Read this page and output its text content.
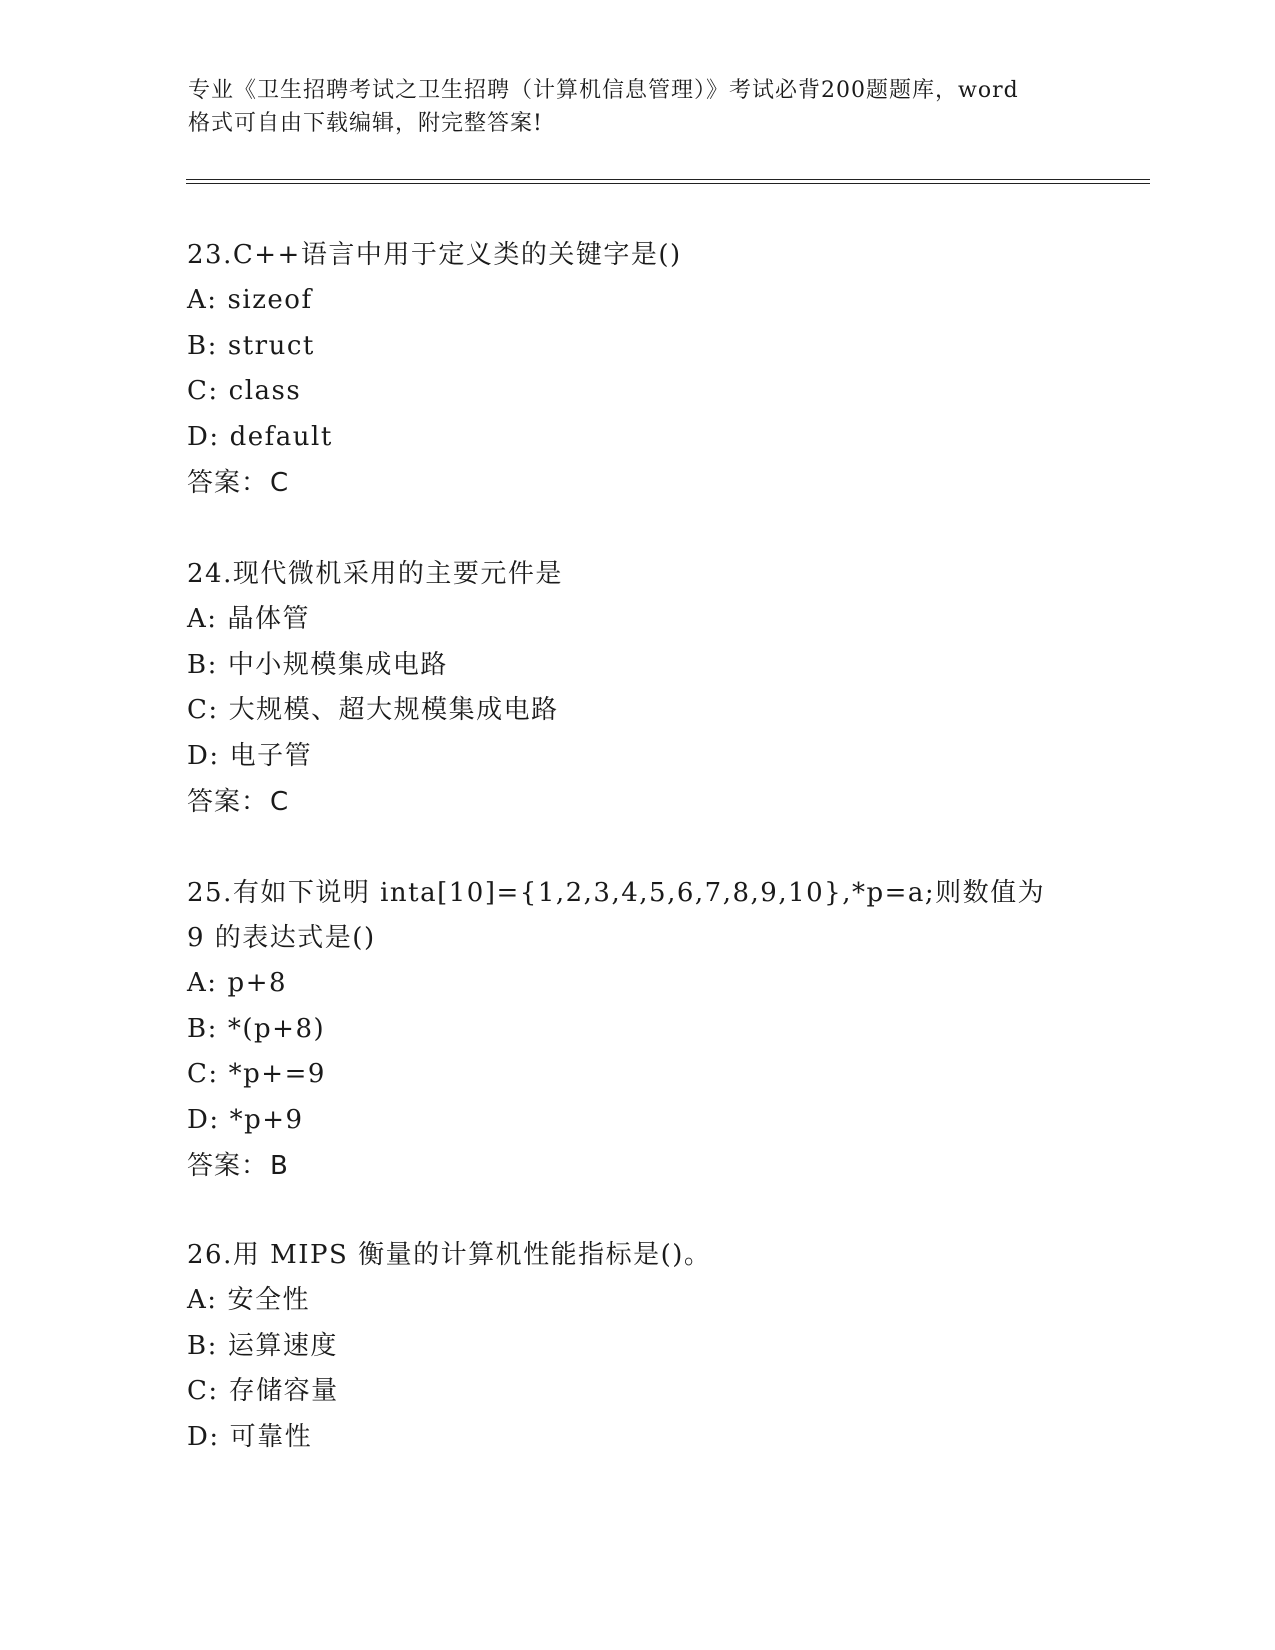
专业《卫生招聘考试之卫生招聘（计算机信息管理）》考试必背200题题库，word
格式可自由下载编辑，附完整答案!
23.C++语言中用于定义类的关键字是()
A: sizeof
B: struct
C: class
D: default
答案：C
24.现代微机采用的主要元件是
A: 晶体管
B: 中小规模集成电路
C: 大规模、超大规模集成电路
D: 电子管
答案：C
25.有如下说明 inta[10]={1,2,3,4,5,6,7,8,9,10},*p=a;则数值为 9 的表达式是()
A: p+8
B: *(p+8)
C: *p+=9
D: *p+9
答案：B
26.用 MIPS 衡量的计算机性能指标是()。
A: 安全性
B: 运算速度
C: 存储容量
D: 可靠性
